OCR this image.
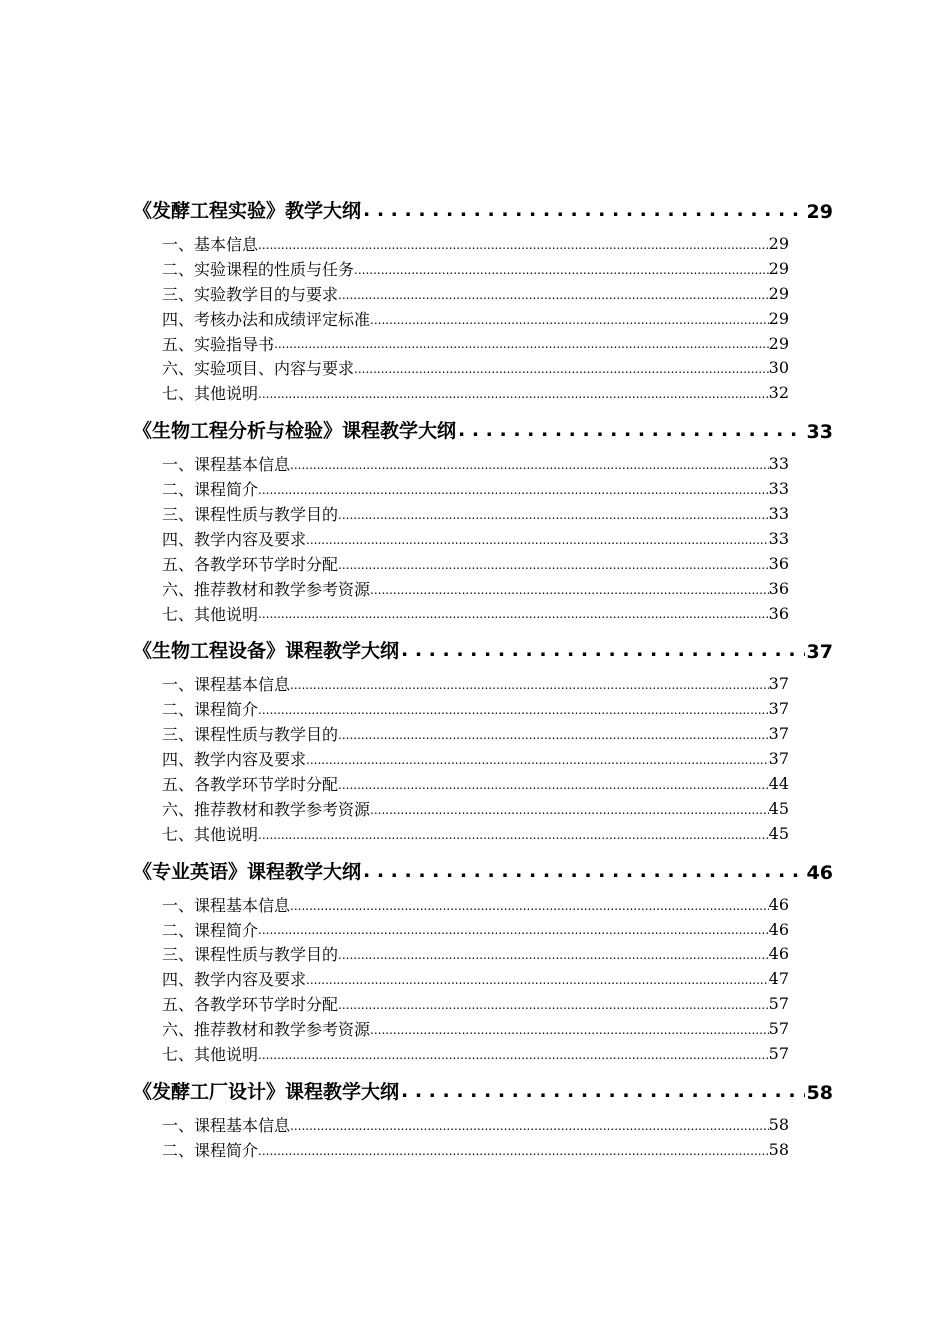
《发酵工程实验》教学大纲 . . .	29
一、基本信息 .....	29
二、实验课程的性质与任务 .....	29
三、实验教学目的与要求 .....	29
四、考核办法和成绩评定标准 .....	29
五、实验指导书 .....	29
六、实验项目、内容与要求 .....	30
七、其他说明 .....	32
《生物工程分析与检验》课程教学大纲 . . .	33
一、课程基本信息 .....	33
二、课程简介 .....	33
三、课程性质与教学目的 .....	33
四、教学内容及要求 .....	33
五、各教学环节学时分配 .....	36
六、推荐教材和教学参考资源 .....	36
七、其他说明 .....	36
《生物工程设备》课程教学大纲 . . .	37
一、课程基本信息 .....	37
二、课程简介 .....	37
三、课程性质与教学目的 .....	37
四、教学内容及要求 .....	37
五、各教学环节学时分配 .....	44
六、推荐教材和教学参考资源 .....	45
七、其他说明 .....	45
《专业英语》课程教学大纲 . . .	46
一、课程基本信息 .....	46
二、课程简介 .....	46
三、课程性质与教学目的 .....	46
四、教学内容及要求 .....	47
五、各教学环节学时分配 .....	57
六、推荐教材和教学参考资源 .....	57
七、其他说明 .....	57
《发酵工厂设计》课程教学大纲 . . .	58
一、课程基本信息 .....	58
二、课程简介 .....	58
